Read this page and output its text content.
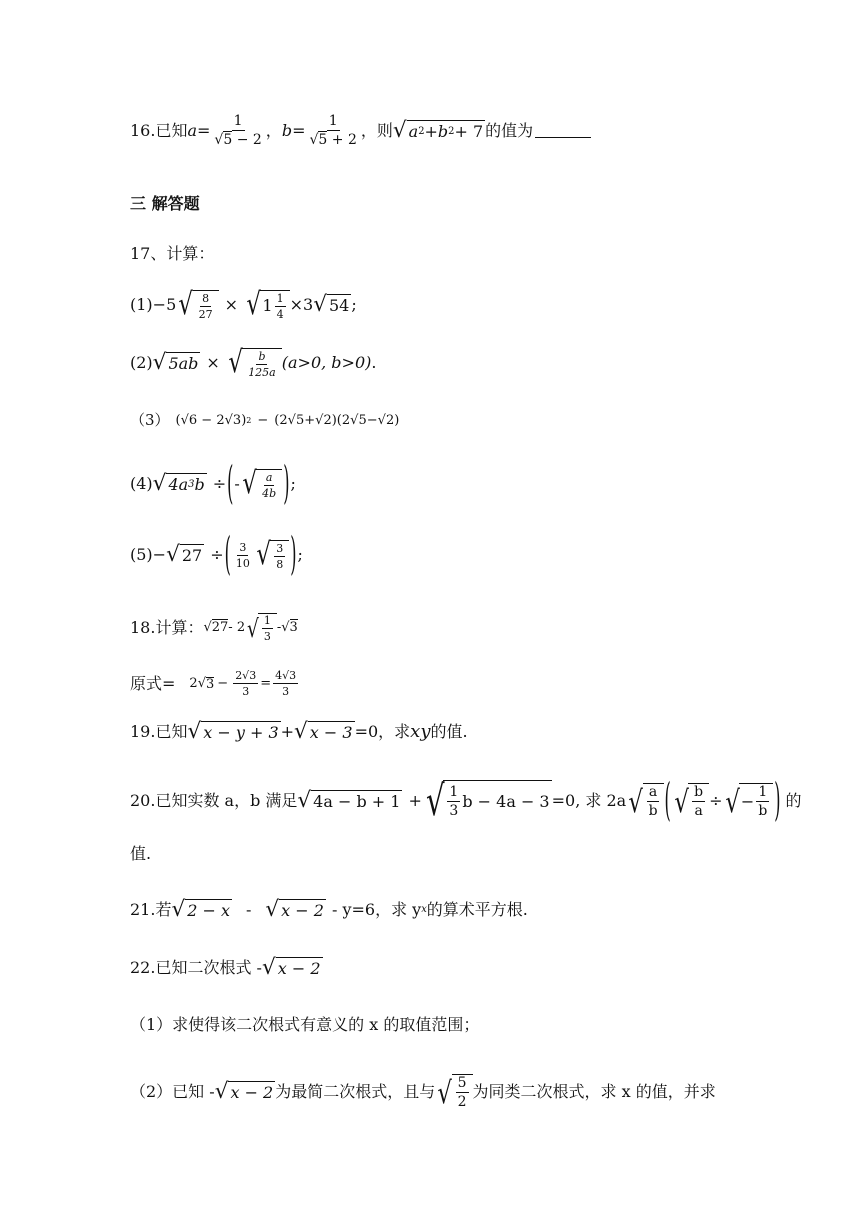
16.已知 $a = \frac{1}{√5 - 2}$ ， $b = \frac{1}{√5 + 2}$ ，则 √ a 2 + b 2 + 7 的值为
三 解答题
17、计算：
(1) −5 √ $\frac{8}{27}$ × √ $1 \frac{1}{4} \times 3$ √ 54 ;
(2) √ 5ab × √ $\frac{b}{125a} (a>0$, b>0) .
（3） (√ 6 − 2 √ 3 ) 2 − ( 2 √ 5 + √ 2 ) ( 2 √ 5 − √ 2 )
(4) √ 4a 3 b ÷ ( - √ $\frac{a}{4b}$ ) ;
(5) − √ 27 ÷ ( $\frac{3}{10}$ √ $\frac{3}{8}$ ) ;
18.计算： √27 - 2 √ $\frac{1}{3} - √3$
原式= 2 √ $3 - \frac{2√3}{3} = \frac{4√3}{3}$
19.已知 √ x − y + 3 + √ x − 3 =0，求 xy 的值.
20.已知实数 a，b 满足 √ 4a − b + 1 + √ $\frac{1}{3}$ b − 4a − 3 =0, 求 2a √ $\frac{a}{b}$ ( √ $\frac{b}{a}$ ÷ √ − $\frac{1}{b}$ ) 的
值.
21.若 √ 2 − x - √ x − 2 - y=6，求 y x 的算术平方根.
22.已知二次根式 - √ x − 2
（1）求使得该二次根式有意义的 x 的取值范围；
（2）已知 - √ x − 2 为最简二次根式，且与 √ $\frac{5}{2}$ 为同类二次根式，求 x 的值，并求
